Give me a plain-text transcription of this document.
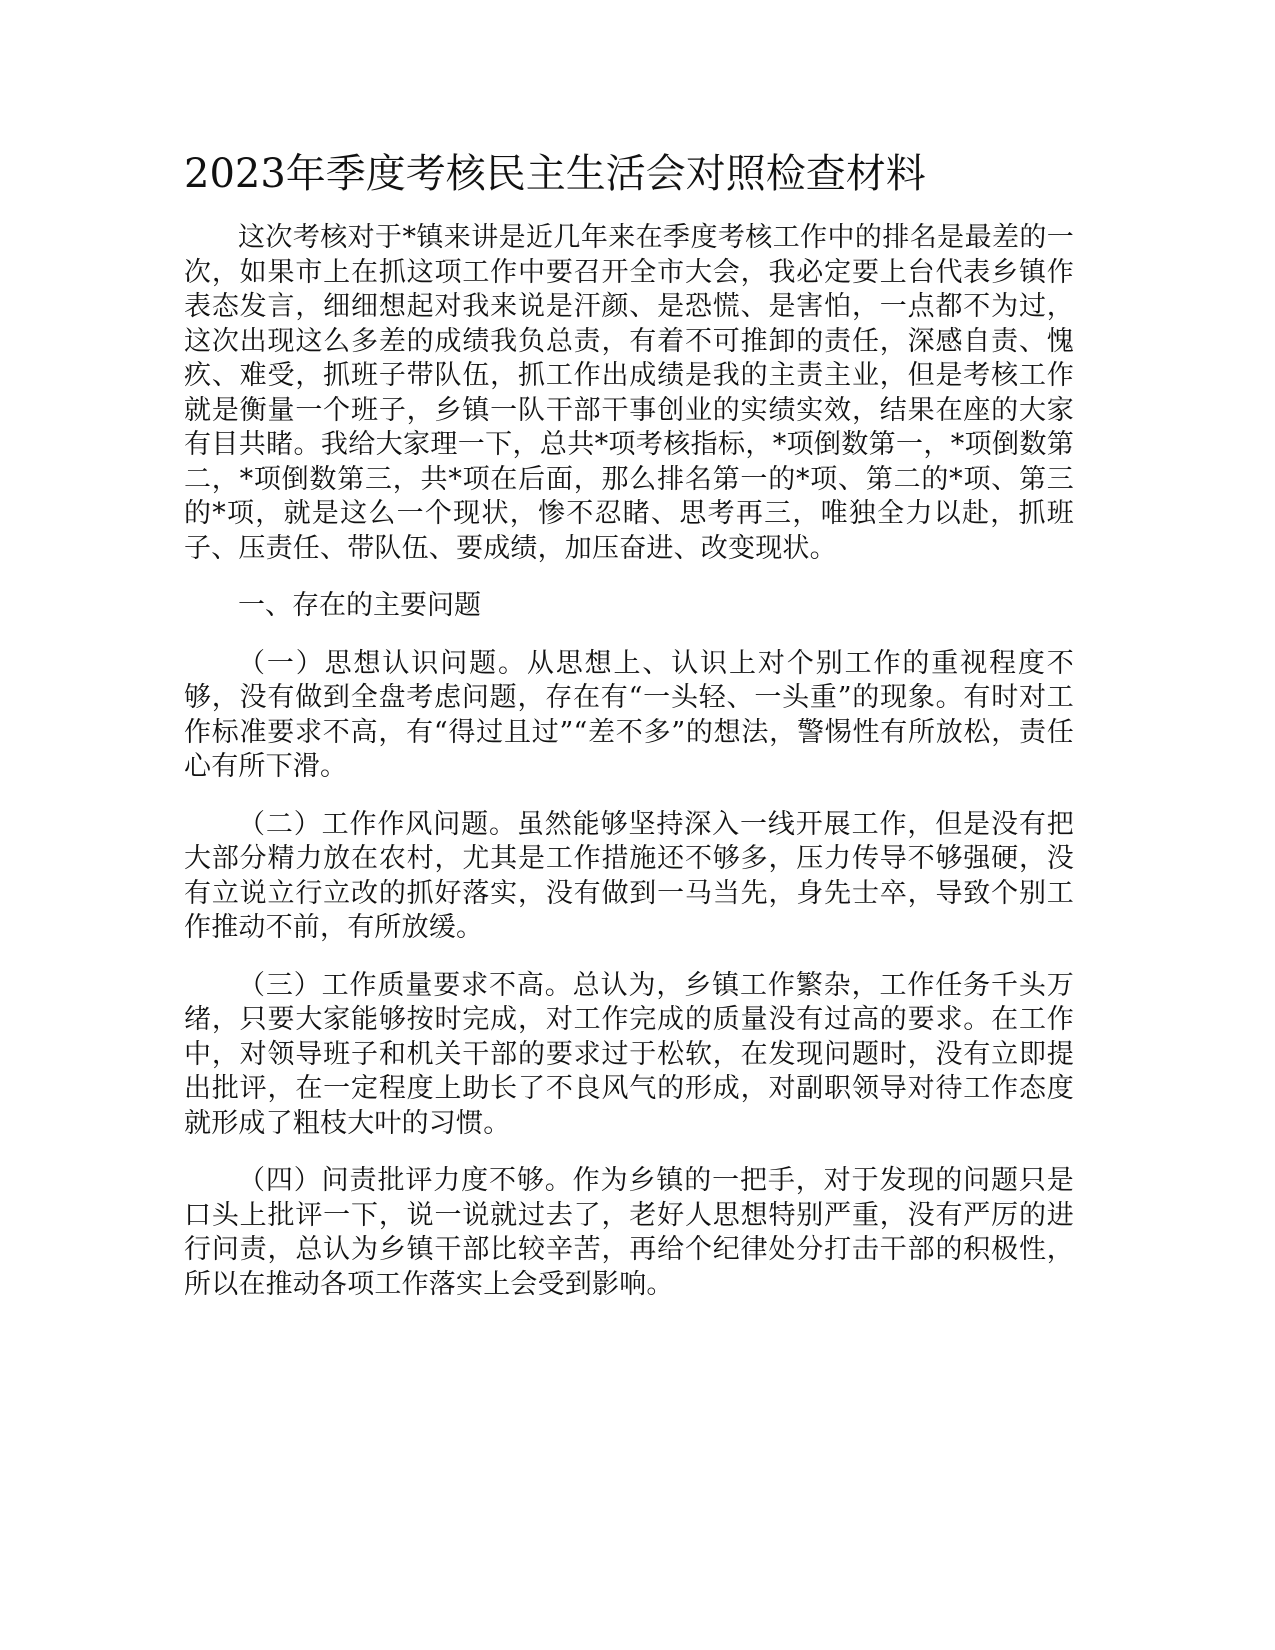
2023年季度考核民主生活会对照检查材料

这次考核对于*镇来讲是近几年来在季度考核工作中的排名是最差的一次，如果市上在抓这项工作中要召开全市大会，我必定要上台代表乡镇作表态发言，细细想起对我来说是汗颜、是恐慌、是害怕，一点都不为过，这次出现这么多差的成绩我负总责，有着不可推卸的责任，深感自责、愧疚、难受，抓班子带队伍，抓工作出成绩是我的主责主业，但是考核工作就是衡量一个班子，乡镇一队干部干事创业的实绩实效，结果在座的大家有目共睹。我给大家理一下，总共*项考核指标，*项倒数第一，*项倒数第二，*项倒数第三，共*项在后面，那么排名第一的*项、第二的*项、第三的*项，就是这么一个现状，惨不忍睹、思考再三，唯独全力以赴，抓班子、压责任、带队伍、要成绩，加压奋进、改变现状。

一、存在的主要问题

（一）思想认识问题。从思想上、认识上对个别工作的重视程度不够，没有做到全盘考虑问题，存在有“一头轻、一头重”的现象。有时对工作标准要求不高，有“得过且过”“差不多”的想法，警惕性有所放松，责任心有所下滑。

（二）工作作风问题。虽然能够坚持深入一线开展工作，但是没有把大部分精力放在农村，尤其是工作措施还不够多，压力传导不够强硬，没有立说立行立改的抓好落实，没有做到一马当先，身先士卒，导致个别工作推动不前，有所放缓。

（三）工作质量要求不高。总认为，乡镇工作繁杂，工作任务千头万绪，只要大家能够按时完成，对工作完成的质量没有过高的要求。在工作中，对领导班子和机关干部的要求过于松软，在发现问题时，没有立即提出批评，在一定程度上助长了不良风气的形成，对副职领导对待工作态度就形成了粗枝大叶的习惯。

（四）问责批评力度不够。作为乡镇的一把手，对于发现的问题只是口头上批评一下，说一说就过去了，老好人思想特别严重，没有严厉的进行问责，总认为乡镇干部比较辛苦，再给个纪律处分打击干部的积极性，所以在推动各项工作落实上会受到影响。
